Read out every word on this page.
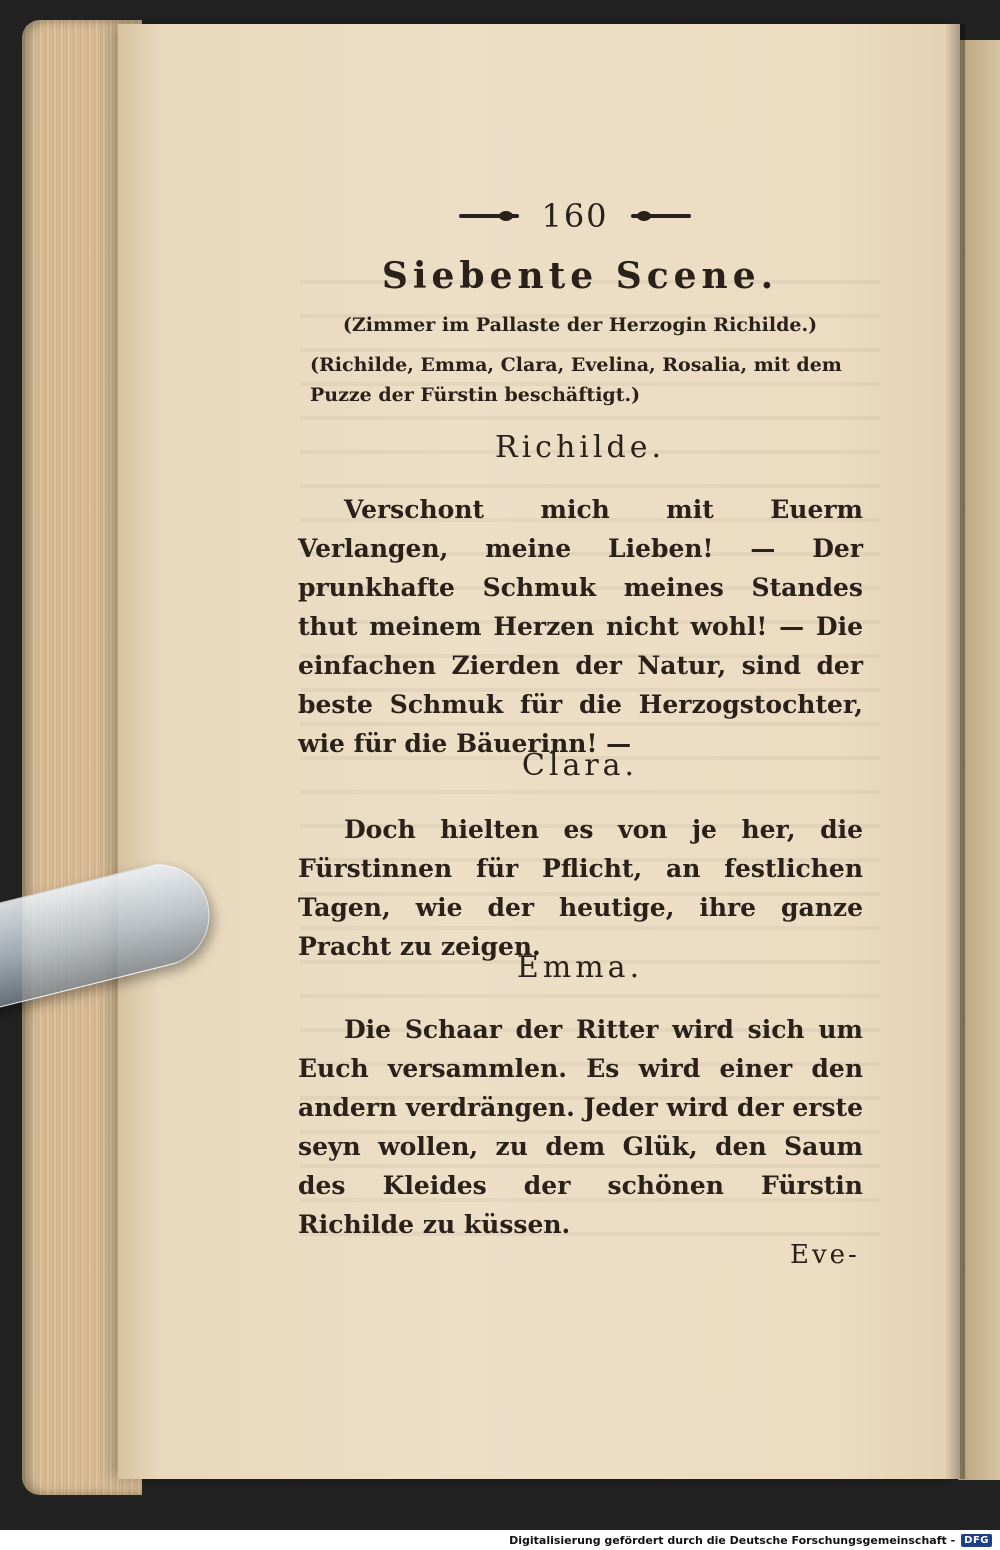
160
Siebente Scene.
(Zimmer im Pallaste der Herzogin Richilde.)
(Richilde, Emma, Clara, Evelina, Rosalia, mit dem Puzze der Fürstin beschäftigt.)
Richilde.

Verschont mich mit Euerm Verlangen, meine Lieben! — Der prunkhafte Schmuk meines Standes thut meinem Herzen nicht wohl! — Die einfachen Zierden der Natur, sind der beste Schmuk für die Herzogstochter, wie für die Bäuerinn! —

Clara.

Doch hielten es von je her, die Fürstinnen für Pflicht, an festlichen Tagen, wie der heutige, ihre ganze Pracht zu zeigen.

Emma.

Die Schaar der Ritter wird sich um Euch versammlen. Es wird einer den andern verdrängen. Jeder wird der erste seyn wollen, zu dem Glük, den Saum des Kleides der schönen Fürstin Richilde zu küssen.

Eve-
Digitalisierung gefördert durch die Deutsche Forschungsgemeinschaft - DFG
